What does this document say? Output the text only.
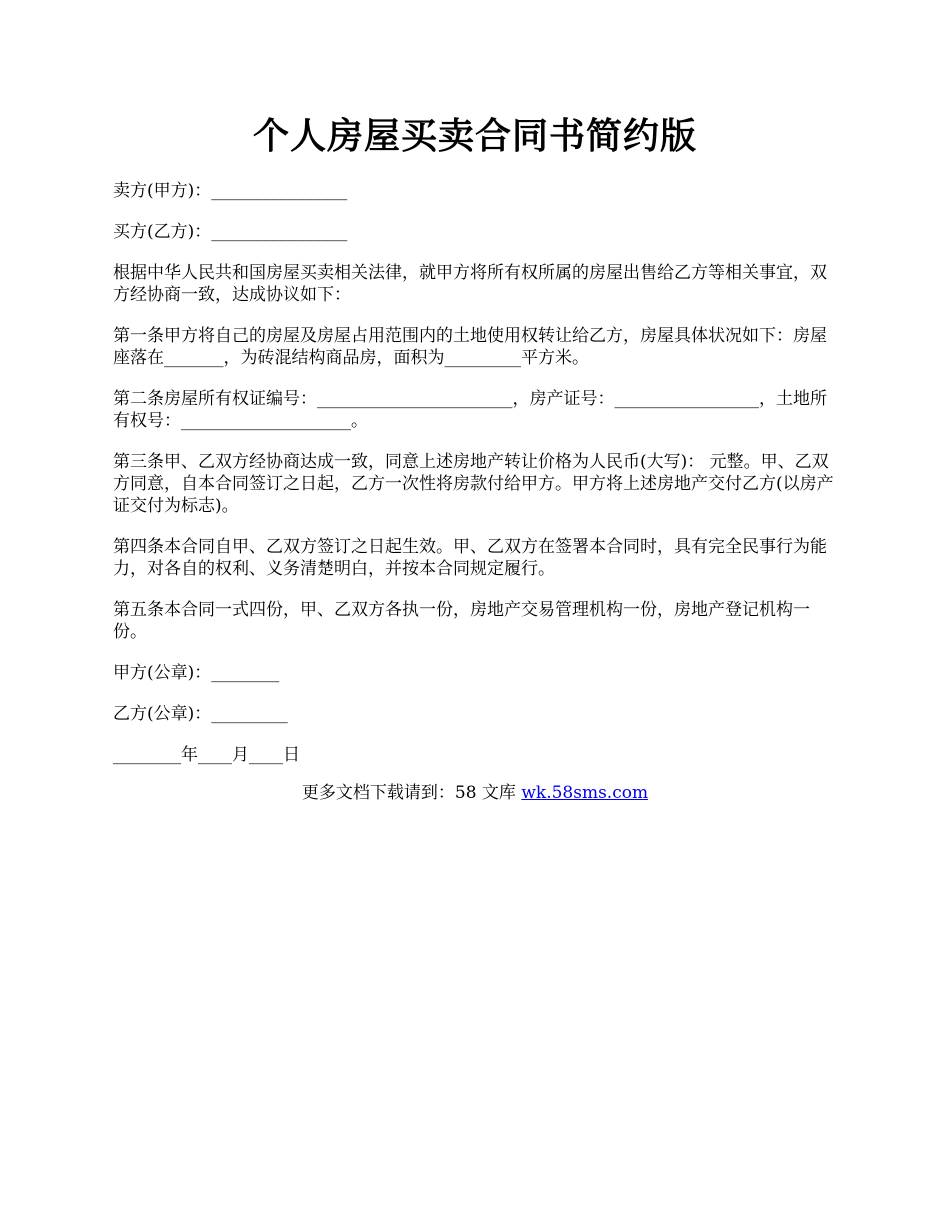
个人房屋买卖合同书简约版

卖方(甲方)：________________

买方(乙方)：________________

根据中华人民共和国房屋买卖相关法律，就甲方将所有权所属的房屋出售给乙方等相关事宜，双方经协商一致，达成协议如下：

第一条甲方将自己的房屋及房屋占用范围内的土地使用权转让给乙方，房屋具体状况如下：房屋座落在_______，为砖混结构商品房，面积为_________平方米。

第二条房屋所有权证编号：_______________________，房产证号：_________________，土地所有权号：____________________。

第三条甲、乙双方经协商达成一致，同意上述房地产转让价格为人民币(大写)： 元整。甲、乙双方同意，自本合同签订之日起，乙方一次性将房款付给甲方。甲方将上述房地产交付乙方(以房产证交付为标志)。

第四条本合同自甲、乙双方签订之日起生效。甲、乙双方在签署本合同时，具有完全民事行为能力，对各自的权利、义务清楚明白，并按本合同规定履行。

第五条本合同一式四份，甲、乙双方各执一份，房地产交易管理机构一份，房地产登记机构一份。

甲方(公章)：________

乙方(公章)：_________

________年____月____日

更多文档下载请到：58 文库 wk.58sms.com
